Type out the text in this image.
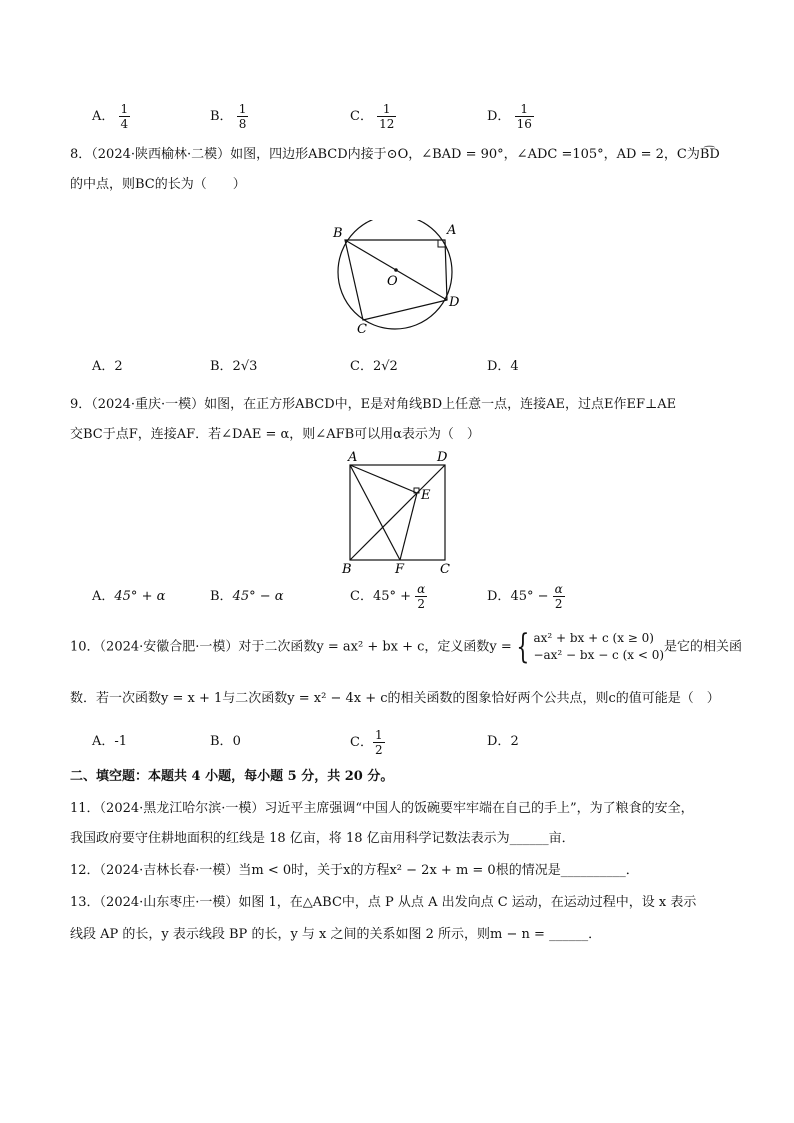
A． $\frac{1}{4}$	B． $\frac{1}{8}$	C． $\frac{1}{12}$	D． $\frac{1}{16}$
8．（2024·陕西榆林·二模）如图，四边形ABCD内接于⊙O，∠BAD = 90°，∠ADC =105°，AD = 2，C为B͡D
的中点，则BC的长为（　　）
B	A
O
D
C
A．2	B．2√3	C．2√2	D．4
9．（2024·重庆·一模）如图，在正方形ABCD中，E是对角线BD上任意一点，连接AE，过点E作EF⊥AE
交BC于点F，连接AF．若∠DAE = α，则∠AFB可以用α表示为（　）
A	D
E
B	F	C
A．45° + α	B．45° − α	C．$45^\circ + \frac{\alpha}{2}$	D．$45^\circ - \frac{\alpha}{2}$
10．（2024·安徽合肥·一模）对于二次函数y = ax² + bx + c，定义函数y = { ax² + bx + c (x ≥ 0)
−ax² − bx − c (x < 0)
是它的相关函
数．若一次函数y = x + 1与二次函数y = x² − 4x + c的相关函数的图象恰好两个公共点，则c的值可能是（　）
A．-1	B．0	C． $\frac{1}{2}$	D．2
二、填空题：本题共 4 小题，每小题 5 分，共 20 分。
11．（2024·黑龙江哈尔滨·一模）习近平主席强调“中国人的饭碗要牢牢端在自己的手上”，为了粮食的安全，
我国政府要守住耕地面积的红线是 18 亿亩，将 18 亿亩用科学记数法表示为______亩．
12．（2024·吉林长春·一模）当m < 0时，关于x的方程x² − 2x + m = 0根的情况是__________．
13．（2024·山东枣庄·一模）如图 1，在△ABC中，点 P 从点 A 出发向点 C 运动，在运动过程中，设 x 表示
线段 AP 的长，y 表示线段 BP 的长，y 与 x 之间的关系如图 2 所示，则m − n = ______．
